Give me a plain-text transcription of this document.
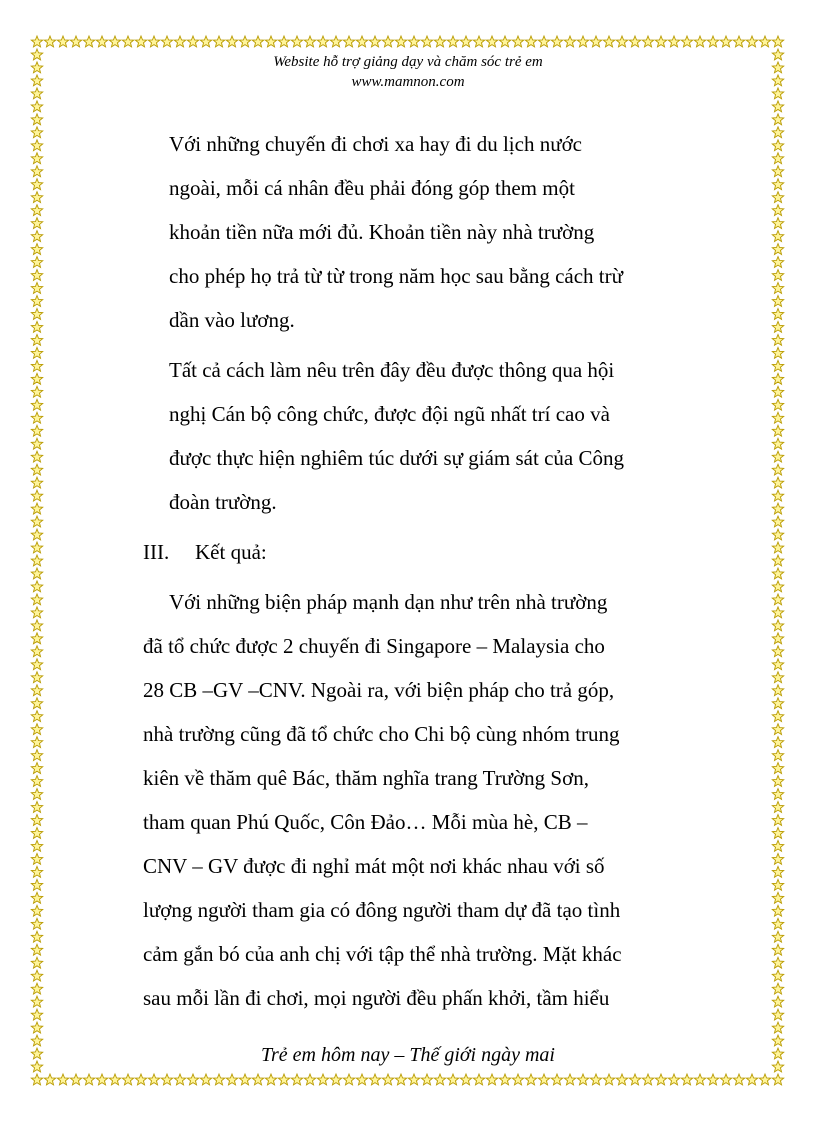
Website hỗ trợ giảng dạy và chăm sóc trẻ em
www.mamnon.com

Với những chuyến đi chơi xa hay đi du lịch nước
ngoài, mỗi cá nhân đều phải đóng góp them một
khoản tiền nữa mới đủ. Khoản tiền này nhà trường
cho phép họ trả từ từ trong năm học sau bằng cách trừ
dần vào lương.

Tất cả cách làm nêu trên đây đều được thông qua hội
nghị Cán bộ công chức, được đội ngũ nhất trí cao và
được thực hiện nghiêm túc dưới sự giám sát của Công
đoàn trường.

III.	Kết quả:

Với những biện pháp mạnh dạn như trên nhà trường
đã tổ chức được 2 chuyến đi Singapore – Malaysia cho
28 CB –GV –CNV. Ngoài ra, với biện pháp cho trả góp,
nhà trường cũng đã tổ chức cho Chi bộ cùng nhóm trung
kiên về thăm quê Bác, thăm nghĩa trang Trường Sơn,
tham quan Phú Quốc, Côn Đảo… Mỗi mùa hè, CB –
CNV – GV được đi nghỉ mát một nơi khác nhau với số
lượng người tham gia có đông người tham dự đã tạo tình
cảm gắn bó của anh chị với tập thể nhà trường. Mặt khác
sau mỗi lần đi chơi, mọi người đều phấn khởi, tầm hiểu

Trẻ em hôm nay – Thế giới ngày mai
